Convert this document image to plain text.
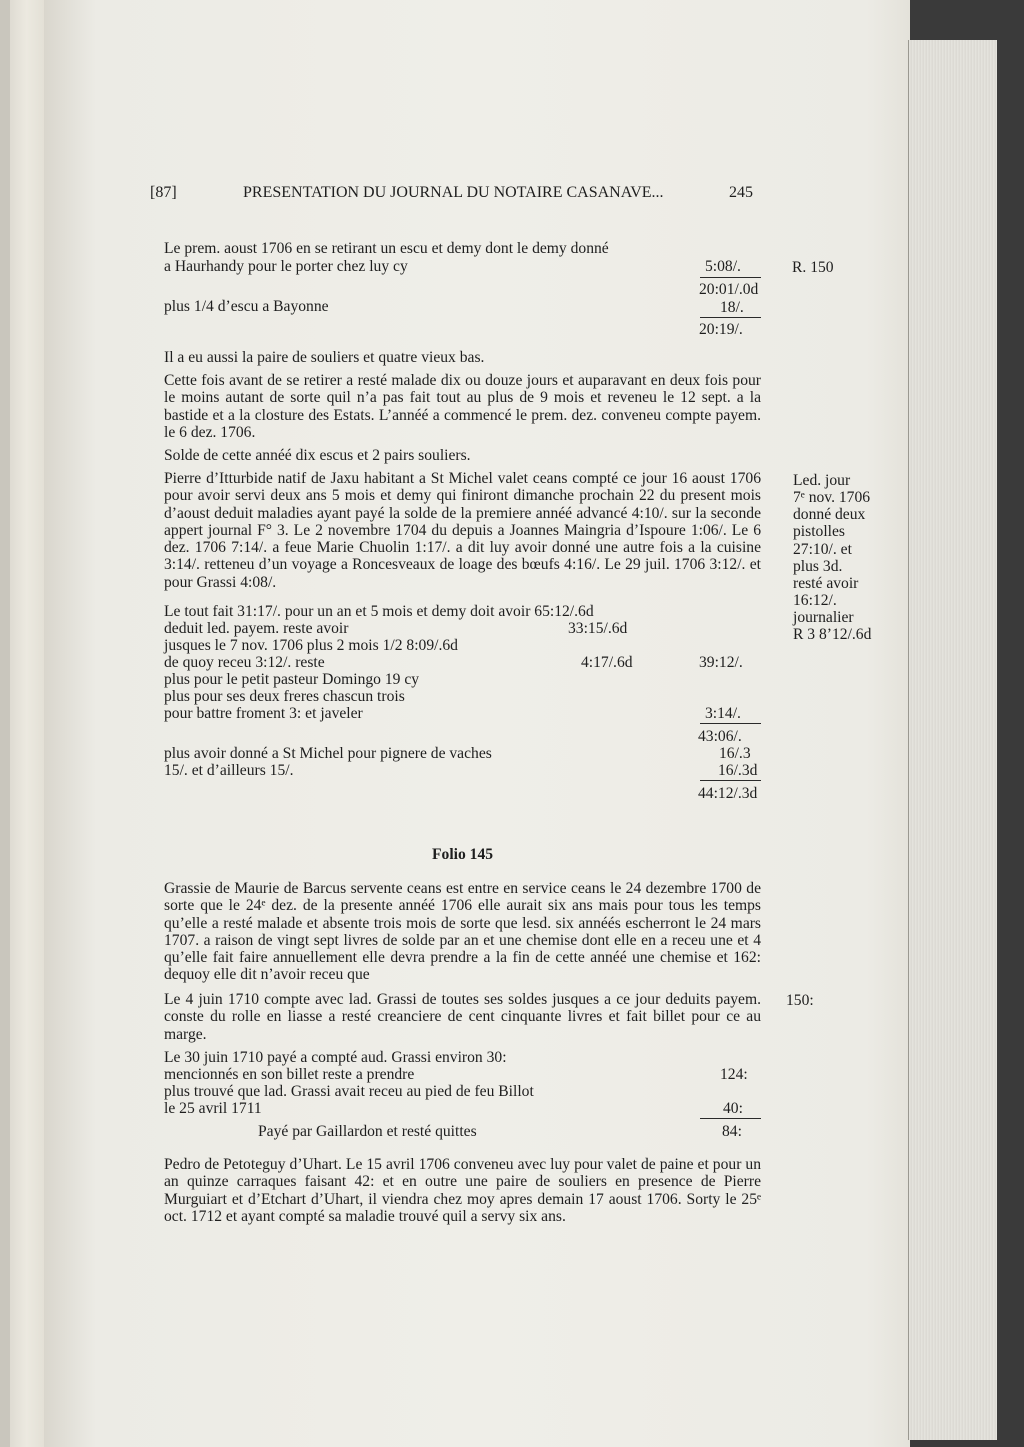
[87]	PRESENTATION DU JOURNAL DU NOTAIRE CASANAVE...	245
Le prem. aoust 1706 en se retirant un escu et demy dont le demy donné
a Haurhandy pour le porter chez luy cy	5:08/.	R. 150
20:01/.0d
plus 1/4 d’escu a Bayonne	18/.
20:19/.
Il a eu aussi la paire de souliers et quatre vieux bas.
Cette fois avant de se retirer a resté malade dix ou douze jours et auparavant en deux fois pour le moins autant de sorte quil n’a pas fait tout au plus de 9 mois et reveneu le 12 sept. a la bastide et a la closture des Estats. L’annéé a commencé le prem. dez. conveneu compte payem. le 6 dez. 1706.
Solde de cette annéé dix escus et 2 pairs souliers.
Pierre d’Itturbide natif de Jaxu habitant a St Michel valet ceans compté ce jour 16 aoust 1706 pour avoir servi deux ans 5 mois et demy qui finiront dimanche prochain 22 du present mois d’aoust deduit maladies ayant payé la solde de la premiere annéé advancé 4:10/. sur la seconde appert journal F° 3. Le 2 novembre 1704 du depuis a Joannes Maingria d’Ispoure 1:06/. Le 6 dez. 1706 7:14/. a feue Marie Chuolin 1:17/. a dit luy avoir donné une autre fois a la cuisine 3:14/. retteneu d’un voyage a Roncesveaux de loage des bœufs 4:16/. Le 29 juil. 1706 3:12/. et pour Grassi 4:08/.
Led. jour
7ᵉ nov. 1706
donné deux
pistolles
27:10/. et
plus 3d.
resté avoir
16:12/.
journalier
R 3 8’12/.6d
Le tout fait 31:17/. pour un an et 5 mois et demy doit avoir 65:12/.6d
deduit led. payem. reste avoir	33:15/.6d
jusques le 7 nov. 1706 plus 2 mois 1/2 8:09/.6d
de quoy receu 3:12/. reste	4:17/.6d	39:12/.
plus pour le petit pasteur Domingo 19 cy
plus pour ses deux freres chascun trois
pour battre froment 3: et javeler	3:14/.
43:06/.
plus avoir donné a St Michel pour pignere de vaches	16/.3
15/. et d’ailleurs 15/.	16/.3d
44:12/.3d
Folio 145
Grassie de Maurie de Barcus servente ceans est entre en service ceans le 24 dezembre 1700 de sorte que le 24ᵉ dez. de la presente annéé 1706 elle aurait six ans mais pour tous les temps qu’elle a resté malade et absente trois mois de sorte que lesd. six annéés escherront le 24 mars 1707. a raison de vingt sept livres de solde par an et une chemise dont elle en a receu une et 4 qu’elle fait faire annuellement elle devra prendre a la fin de cette annéé une chemise et 162: dequoy elle dit n’avoir receu que
Le 4 juin 1710 compte avec lad. Grassi de toutes ses soldes jusques a ce jour deduits payem. conste du rolle en liasse a resté creanciere de cent cinquante livres et fait billet pour ce au marge.
150:
Le 30 juin 1710 payé a compté aud. Grassi environ 30:
mencionnés en son billet reste a prendre	124:
plus trouvé que lad. Grassi avait receu au pied de feu Billot
le 25 avril 1711	40:
Payé par Gaillardon et resté quittes	84:
Pedro de Petoteguy d’Uhart. Le 15 avril 1706 conveneu avec luy pour valet de paine et pour un an quinze carraques faisant 42: et en outre une paire de souliers en presence de Pierre Murguiart et d’Etchart d’Uhart, il viendra chez moy apres demain 17 aoust 1706. Sorty le 25ᵉ oct. 1712 et ayant compté sa maladie trouvé quil a servy six ans.
